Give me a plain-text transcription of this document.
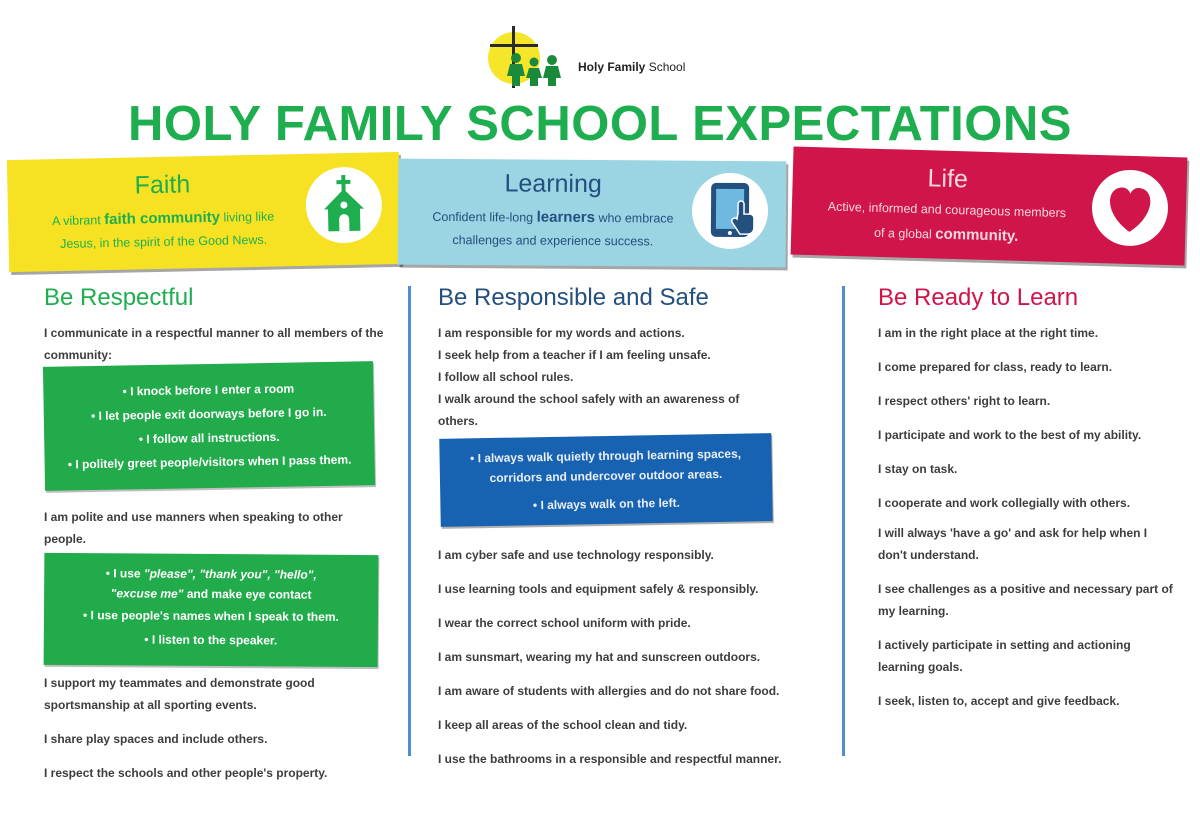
Holy Family School
HOLY FAMILY SCHOOL EXPECTATIONS
Faith

A vibrant faith community living like
Jesus, in the spirit of the Good News.

Learning

Confident life-long learners who embrace
challenges and experience success.

Life

Active, informed and courageous members
of a global community.

Be Respectful

I communicate in a respectful manner to all members of the community:

• I knock before I enter a room
• I let people exit doorways before I go in.
• I follow all instructions.
• I politely greet people/visitors when I pass them.

I am polite and use manners when speaking to other people.

• I use "please", "thank you", "hello",
"excuse me" and make eye contact
• I use people's names when I speak to them.
• I listen to the speaker.

I support my teammates and demonstrate good sportsmanship at all sporting events.

I share play spaces and include others.

I respect the schools and other people's property.

Be Responsible and Safe

I am responsible for my words and actions.

I seek help from a teacher if I am feeling unsafe.

I follow all school rules.

I walk around the school safely with an awareness of others.

• I always walk quietly through learning spaces, corridors and undercover outdoor areas.
• I always walk on the left.

I am cyber safe and use technology responsibly.

I use learning tools and equipment safely & responsibly.

I wear the correct school uniform with pride.

I am sunsmart, wearing my hat and sunscreen outdoors.

I am aware of students with allergies and do not share food.

I keep all areas of the school clean and tidy.

I use the bathrooms in a responsible and respectful manner.

Be Ready to Learn

I am in the right place at the right time.

I come prepared for class, ready to learn.

I respect others' right to learn.

I participate and work to the best of my ability.

I stay on task.

I cooperate and work collegially with others.

I will always 'have a go' and ask for help when I don't understand.

I see challenges as a positive and necessary part of my learning.

I actively participate in setting and actioning learning goals.

I seek, listen to, accept and give feedback.
